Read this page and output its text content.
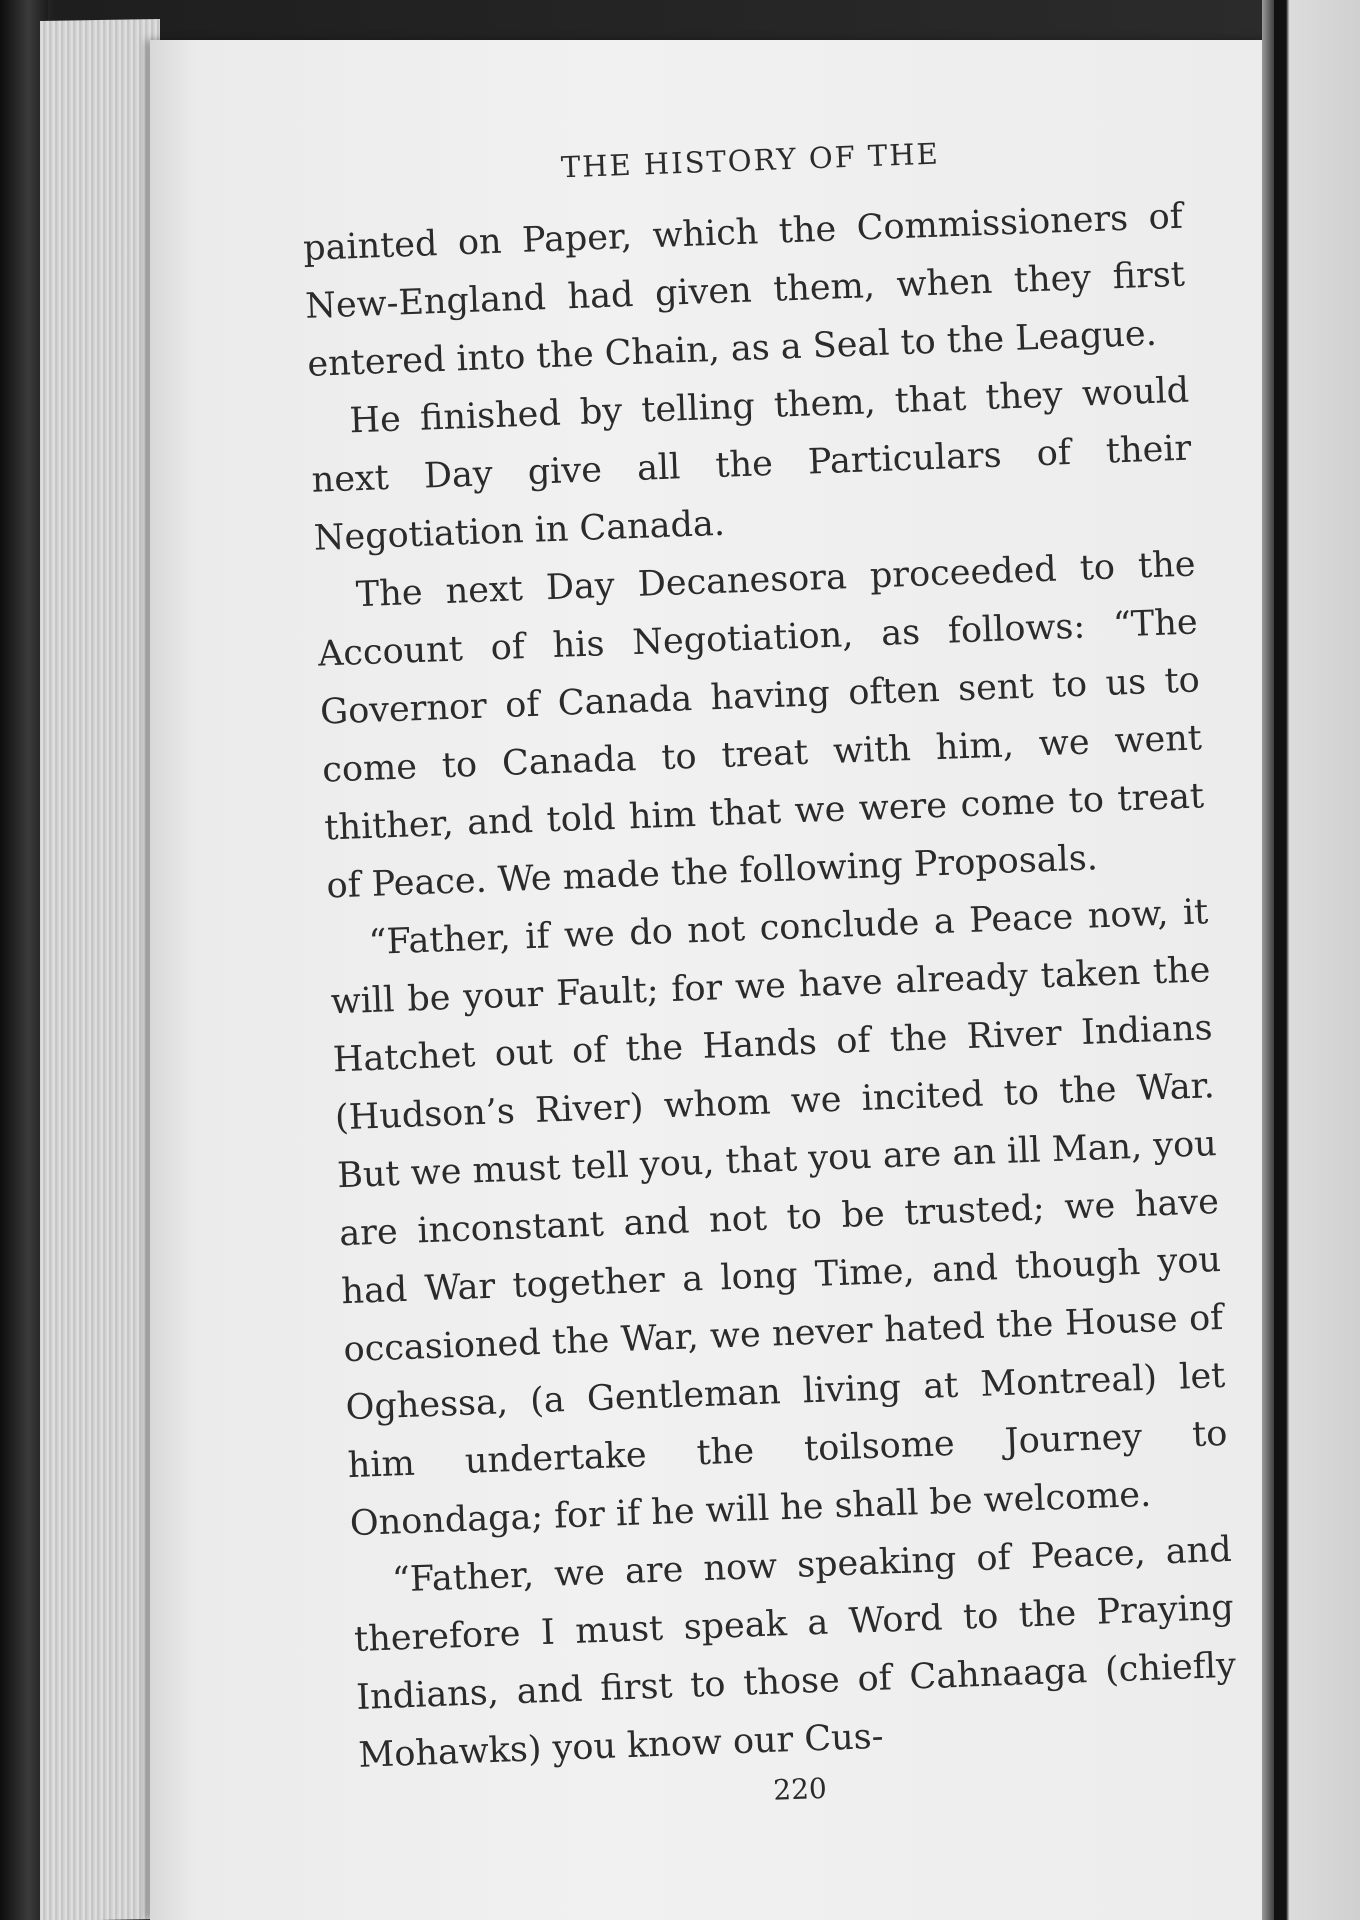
THE HISTORY OF THE

painted on Paper, which the Commissioners of New-England had given them, when they first entered into the Chain, as a Seal to the League.

He finished by telling them, that they would next Day give all the Particulars of their Negotiation in Canada.

The next Day Decanesora proceeded to the Account of his Negotiation, as follows: “The Governor of Canada having often sent to us to come to Canada to treat with him, we went thither, and told him that we were come to treat of Peace. We made the following Proposals.

“Father, if we do not conclude a Peace now, it will be your Fault; for we have already taken the Hatchet out of the Hands of the River Indians (Hudson’s River) whom we incited to the War. But we must tell you, that you are an ill Man, you are inconstant and not to be trusted; we have had War together a long Time, and though you occasioned the War, we never hated the House of Oghessa, (a Gentleman living at Montreal) let him undertake the toilsome Journey to Onondaga; for if he will he shall be welcome.

“Father, we are now speaking of Peace, and therefore I must speak a Word to the Praying Indians, and first to those of Cahnaaga (chiefly Mohawks) you know our Cus-

220
